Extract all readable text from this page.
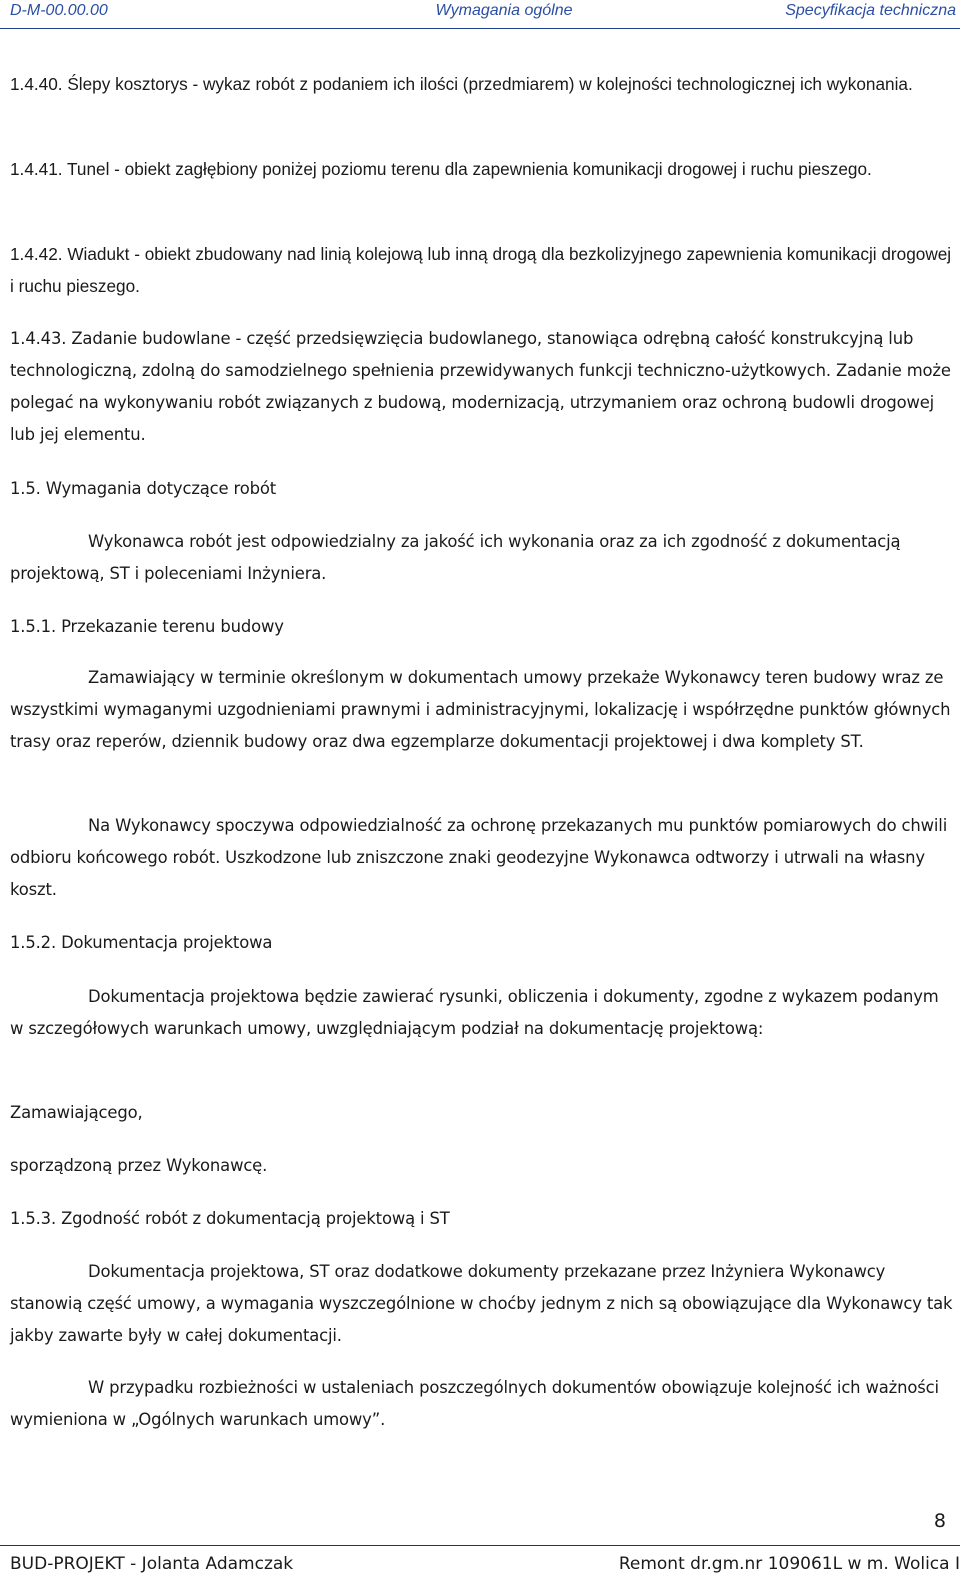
D-M-00.00.00	Wymagania ogólne	Specyfikacja techniczna

1.4.40. Ślepy kosztorys - wykaz robót z podaniem ich ilości (przedmiarem) w kolejności technologicznej ich wykonania.

1.4.41. Tunel - obiekt zagłębiony poniżej poziomu terenu dla zapewnienia komunikacji drogowej i ruchu pieszego.

1.4.42. Wiadukt - obiekt zbudowany nad linią kolejową lub inną drogą dla bezkolizyjnego zapewnienia komunikacji drogowej i ruchu pieszego.

1.4.43. Zadanie budowlane - część przedsięwzięcia budowlanego, stanowiąca odrębną całość konstrukcyjną lub technologiczną, zdolną do samodzielnego spełnienia przewidywanych funkcji techniczno-użytkowych. Zadanie może polegać na wykonywaniu robót związanych z budową, modernizacją, utrzymaniem oraz ochroną budowli drogowej lub jej elementu.

1.5. Wymagania dotyczące robót

Wykonawca robót jest odpowiedzialny za jakość ich wykonania oraz za ich zgodność z dokumentacją projektową, ST i poleceniami Inżyniera.

1.5.1. Przekazanie terenu budowy

Zamawiający w terminie określonym w dokumentach umowy przekaże Wykonawcy teren budowy wraz ze wszystkimi wymaganymi uzgodnieniami prawnymi i administracyjnymi, lokalizację i współrzędne punktów głównych trasy oraz reperów, dziennik budowy oraz dwa egzemplarze dokumentacji projektowej i dwa komplety ST.

Na Wykonawcy spoczywa odpowiedzialność za ochronę przekazanych mu punktów pomiarowych do chwili odbioru końcowego robót. Uszkodzone lub zniszczone znaki geodezyjne Wykonawca odtworzy i utrwali na własny koszt.

1.5.2. Dokumentacja projektowa

Dokumentacja projektowa będzie zawierać rysunki, obliczenia i dokumenty, zgodne z wykazem podanym w szczegółowych warunkach umowy, uwzględniającym podział na dokumentację projektową:

Zamawiającego,

sporządzoną przez Wykonawcę.

1.5.3. Zgodność robót z dokumentacją projektową i ST

Dokumentacja projektowa, ST oraz dodatkowe dokumenty przekazane przez Inżyniera Wykonawcy stanowią część umowy, a wymagania wyszczególnione w choćby jednym z nich są obowiązujące dla Wykonawcy tak jakby zawarte były w całej dokumentacji.

W przypadku rozbieżności w ustaleniach poszczególnych dokumentów obowiązuje kolejność ich ważności wymieniona w „Ogólnych warunkach umowy”.

8
BUD-PROJEKT - Jolanta Adamczak	Remont dr.gm.nr 109061L w m. Wolica I
